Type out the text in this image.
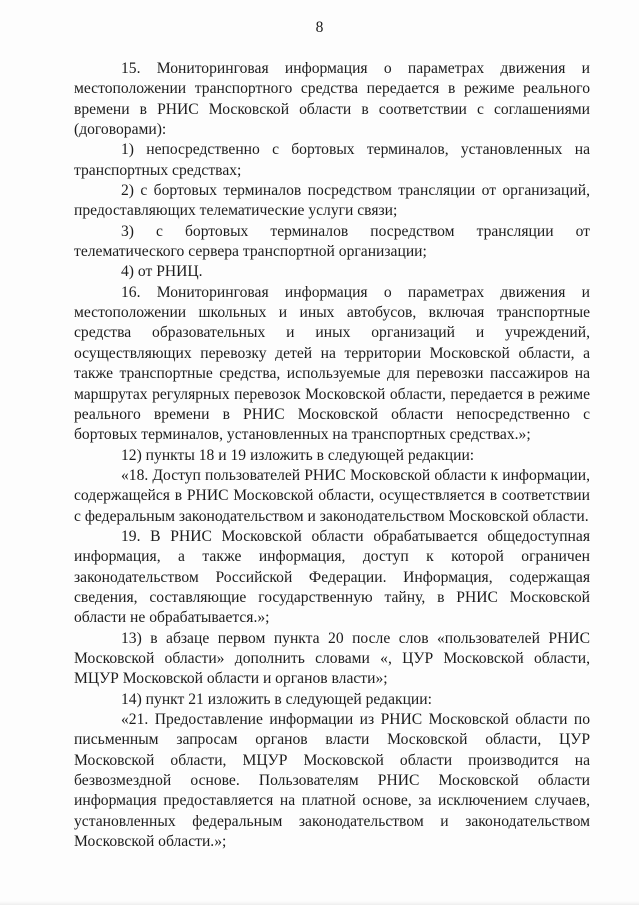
8

15. Мониторинговая информация о параметрах движения и местоположении транспортного средства передается в режиме реального времени в РНИС Московской области в соответствии с соглашениями (договорами):

1) непосредственно с бортовых терминалов, установленных на транспортных средствах;

2) с бортовых терминалов посредством трансляции от организаций, предоставляющих телематические услуги связи;

3) с бортовых терминалов посредством трансляции от телематического сервера транспортной организации;

4) от РНИЦ.

16. Мониторинговая информация о параметрах движения и местоположении школьных и иных автобусов, включая транспортные средства образовательных и иных организаций и учреждений, осуществляющих перевозку детей на территории Московской области, а также транспортные средства, используемые для перевозки пассажиров на маршрутах регулярных перевозок Московской области, передается в режиме реального времени в РНИС Московской области непосредственно с бортовых терминалов, установленных на транспортных средствах.»;

12) пункты 18 и 19 изложить в следующей редакции:

«18. Доступ пользователей РНИС Московской области к информации, содержащейся в РНИС Московской области, осуществляется в соответствии с федеральным законодательством и законодательством Московской области.

19. В РНИС Московской области обрабатывается общедоступная информация, а также информация, доступ к которой ограничен законодательством Российской Федерации. Информация, содержащая сведения, составляющие государственную тайну, в РНИС Московской области не обрабатывается.»;

13) в абзаце первом пункта 20 после слов «пользователей РНИС Московской области» дополнить словами «, ЦУР Московской области, МЦУР Московской области и органов власти»;

14) пункт 21 изложить в следующей редакции:

«21. Предоставление информации из РНИС Московской области по письменным запросам органов власти Московской области, ЦУР Московской области, МЦУР Московской области производится на безвозмездной основе. Пользователям РНИС Московской области информация предоставляется на платной основе, за исключением случаев, установленных федеральным законодательством и законодательством Московской области.»;
